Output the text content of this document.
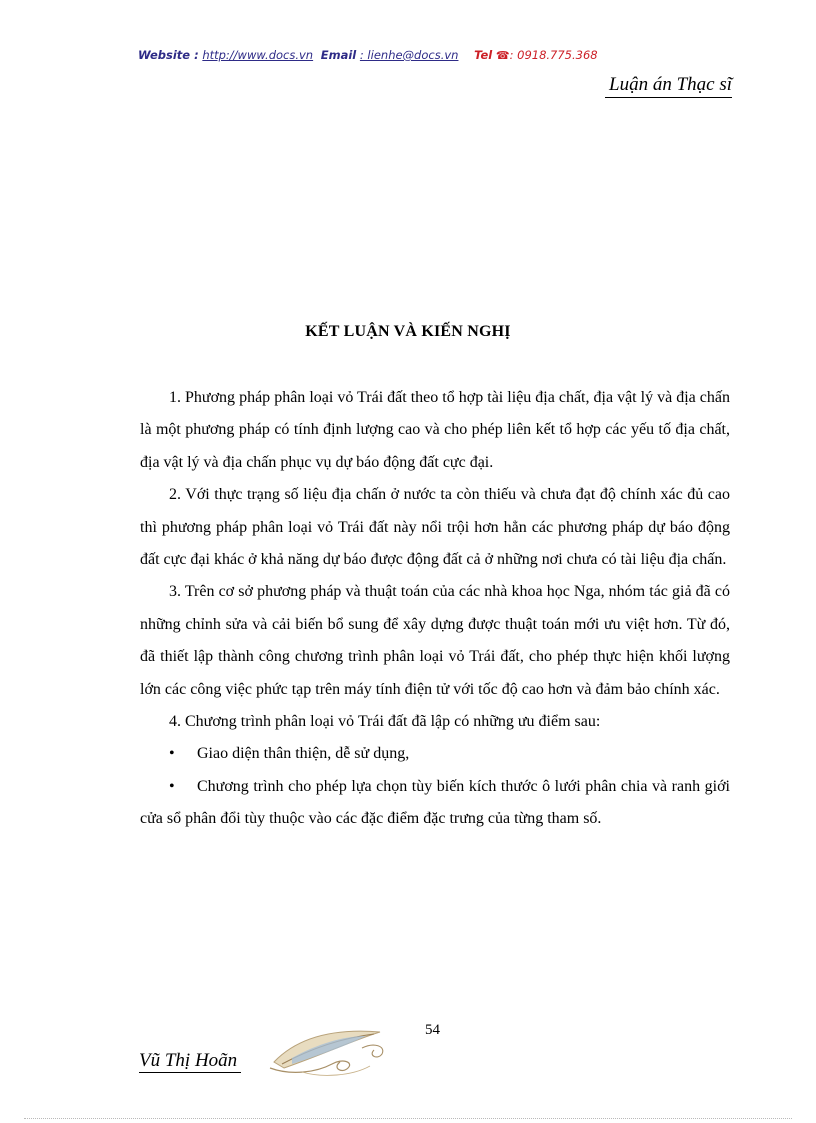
Website : http://www.docs.vn Email : lienhe@docs.vn Tel ☎: 0918.775.368
Luận án Thạc sĩ
KẾT LUẬN VÀ KIẾN NGHỊ

1. Phương pháp phân loại vỏ Trái đất theo tổ hợp tài liệu địa chất, địa vật lý và địa chấn là một phương pháp có tính định lượng cao và cho phép liên kết tổ hợp các yếu tố địa chất, địa vật lý và địa chấn phục vụ dự báo động đất cực đại.

2. Với thực trạng số liệu địa chấn ở nước ta còn thiếu và chưa đạt độ chính xác đủ cao thì phương pháp phân loại vỏ Trái đất này nổi trội hơn hẳn các phương pháp dự báo động đất cực đại khác ở khả năng dự báo được động đất cả ở những nơi chưa có tài liệu địa chấn.

3. Trên cơ sở phương pháp và thuật toán của các nhà khoa học Nga, nhóm tác giả đã có những chỉnh sửa và cải biến bổ sung để xây dựng được thuật toán mới ưu việt hơn. Từ đó, đã thiết lập thành công chương trình phân loại vỏ Trái đất, cho phép thực hiện khối lượng lớn các công việc phức tạp trên máy tính điện tử với tốc độ cao hơn và đảm bảo chính xác.

4. Chương trình phân loại vỏ Trái đất đã lập có những ưu điểm sau:

• Giao diện thân thiện, dễ sử dụng,

• Chương trình cho phép lựa chọn tùy biến kích thước ô lưới phân chia và ranh giới cửa sổ phân đổi tùy thuộc vào các đặc điểm đặc trưng của từng tham số.

54
Vũ Thị Hoãn
